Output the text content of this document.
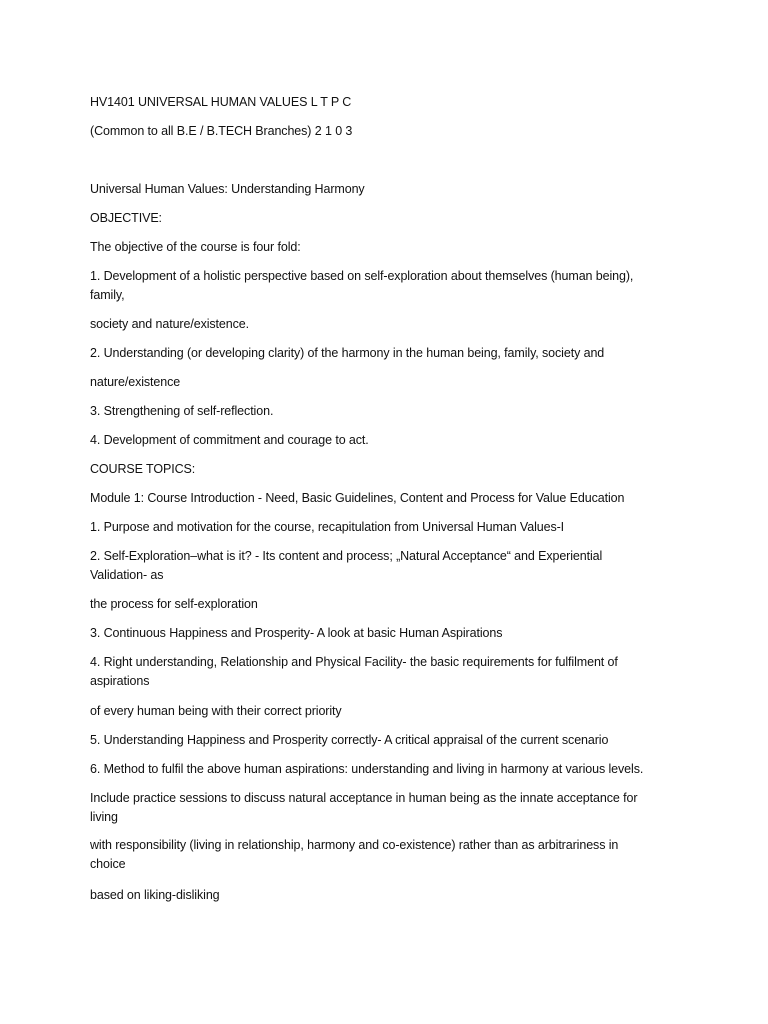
HV1401 UNIVERSAL HUMAN VALUES L T P C
(Common to all B.E / B.TECH Branches) 2 1 0 3
Universal Human Values: Understanding Harmony
OBJECTIVE:
The objective of the course is four fold:
1. Development of a holistic perspective based on self-exploration about themselves (human being), family,
society and nature/existence.
2. Understanding (or developing clarity) of the harmony in the human being, family, society and
nature/existence
3. Strengthening of self-reflection.
4. Development of commitment and courage to act.
COURSE TOPICS:
Module 1: Course Introduction - Need, Basic Guidelines, Content and Process for Value Education
1. Purpose and motivation for the course, recapitulation from Universal Human Values-I
2. Self-Exploration–what is it? - Its content and process; „Natural Acceptance“ and Experiential Validation- as
the process for self-exploration
3. Continuous Happiness and Prosperity- A look at basic Human Aspirations
4. Right understanding, Relationship and Physical Facility- the basic requirements for fulfilment of aspirations
of every human being with their correct priority
5. Understanding Happiness and Prosperity correctly- A critical appraisal of the current scenario
6. Method to fulfil the above human aspirations: understanding and living in harmony at various levels.
Include practice sessions to discuss natural acceptance in human being as the innate acceptance for living
with responsibility (living in relationship, harmony and co-existence) rather than as arbitrariness in choice
based on liking-disliking
